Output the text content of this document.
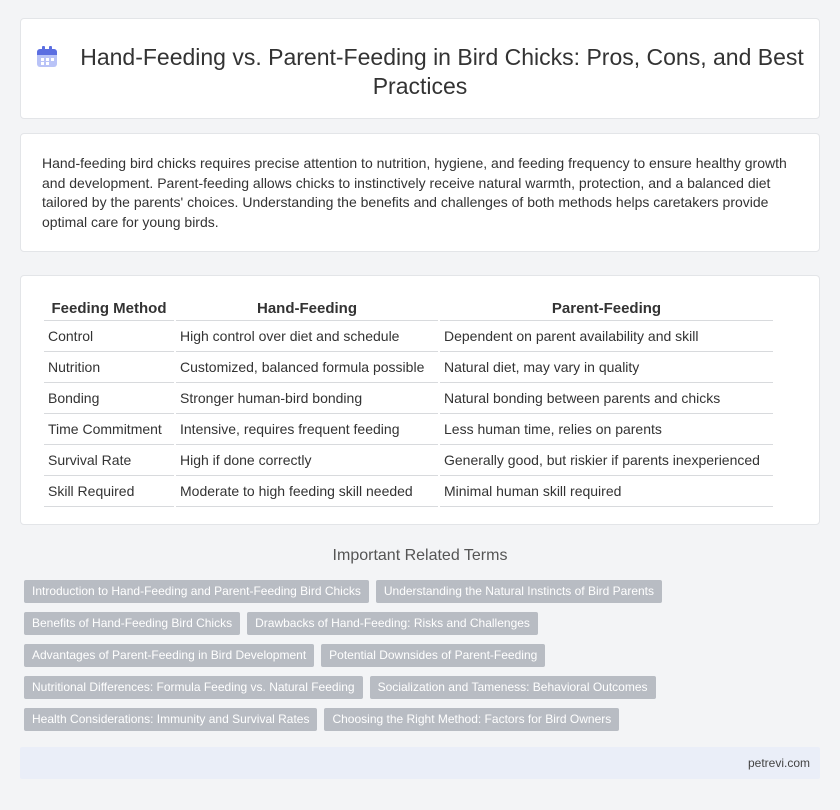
Hand-Feeding vs. Parent-Feeding in Bird Chicks: Pros, Cons, and Best Practices

Hand-feeding bird chicks requires precise attention to nutrition, hygiene, and feeding frequency to ensure healthy growth and development. Parent-feeding allows chicks to instinctively receive natural warmth, protection, and a balanced diet tailored by the parents' choices. Understanding the benefits and challenges of both methods helps caretakers provide optimal care for young birds.

Feeding Method	Hand-Feeding	Parent-Feeding
Control	High control over diet and schedule	Dependent on parent availability and skill
Nutrition	Customized, balanced formula possible	Natural diet, may vary in quality
Bonding	Stronger human-bird bonding	Natural bonding between parents and chicks
Time Commitment	Intensive, requires frequent feeding	Less human time, relies on parents
Survival Rate	High if done correctly	Generally good, but riskier if parents inexperienced
Skill Required	Moderate to high feeding skill needed	Minimal human skill required
Important Related Terms
Introduction to Hand-Feeding and Parent-Feeding Bird Chicks Understanding the Natural Instincts of Bird Parents
Benefits of Hand-Feeding Bird Chicks Drawbacks of Hand-Feeding: Risks and Challenges
Advantages of Parent-Feeding in Bird Development Potential Downsides of Parent-Feeding
Nutritional Differences: Formula Feeding vs. Natural Feeding Socialization and Tameness: Behavioral Outcomes
Health Considerations: Immunity and Survival Rates Choosing the Right Method: Factors for Bird Owners
petrevi.com
